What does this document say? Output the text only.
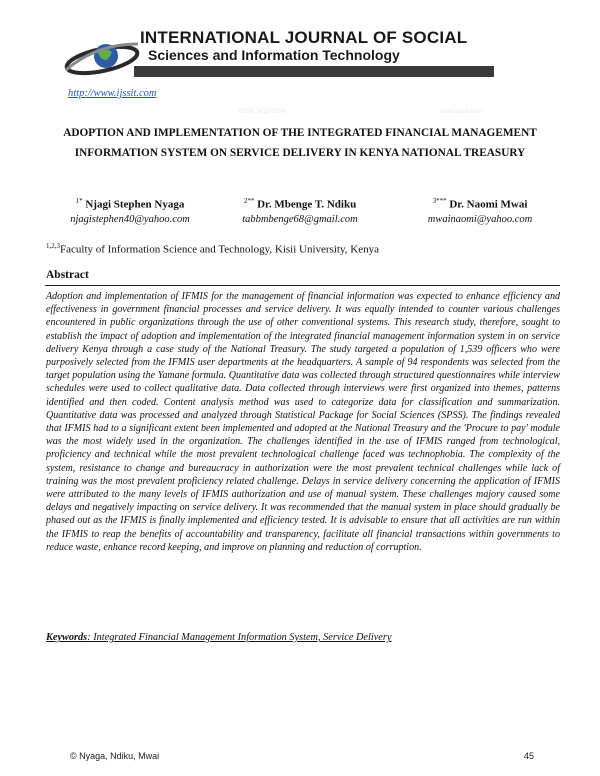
INTERNATIONAL JOURNAL OF SOCIAL
Sciences and Information Technology
ISSN 2412-0294	www.ijssit.com
http://www.ijssit.com
ADOPTION AND IMPLEMENTATION OF THE INTEGRATED FINANCIAL MANAGEMENT INFORMATION SYSTEM ON SERVICE DELIVERY IN KENYA NATIONAL TREASURY
$^{1*}$ Njagi Stephen Nyaga
njagistephen40@yahoo.com
$^{2**}$ Dr. Mbenge T. Ndiku
tabbmbenge68@gmail.com
$^{3***}$ Dr. Naomi Mwai
mwainaomi@yahoo.com
$^{1,2,3}$Faculty of Information Science and Technology, Kisii University, Kenya
Abstract
Adoption and implementation of IFMIS for the management of financial information was expected to enhance efficiency and effectiveness in government financial processes and service delivery. It was equally intended to counter various challenges encountered in public organizations through the use of other conventional systems. This research study, therefore, sought to establish the impact of adoption and implementation of the integrated financial management information system in on service delivery Kenya through a case study of the National Treasury. The study targeted a population of 1,539 officers who were purposively selected from the IFMIS user departments at the headquarters. A sample of 94 respondents was selected from the target population using the Yamane formula. Quantitative data was collected through structured questionnaires while interview schedules were used to collect qualitative data. Data collected through interviews were first organized into themes, patterns identified and then coded. Content analysis method was used to categorize data for classification and summarization. Quantitative data was processed and analyzed through Statistical Package for Social Sciences (SPSS). The findings revealed that IFMIS had to a significant extent been implemented and adopted at the National Treasury and the 'Procure to pay' module was the most widely used in the organization. The challenges identified in the use of IFMIS ranged from technological, proficiency and technical while the most prevalent technological challenge faced was technophobia. The complexity of the system, resistance to change and bureaucracy in authorization were the most prevalent technical challenges while lack of training was the most prevalent proficiency related challenge. Delays in service delivery concerning the application of IFMIS were attributed to the many levels of IFMIS authorization and use of manual system. These challenges majory caused some delays and negatively impacting on service delivery. It was recommended that the manual system in place should gradually be phased out as the IFMIS is finally implemented and efficiency tested. It is advisable to ensure that all activities are run within the IFMIS to reap the benefits of accountability and transparency, facilitate all financial transactions within governments to reduce waste, enhance record keeping, and improve on planning and reduction of corruption.
Keywords: Integrated Financial Management Information System, Service Delivery
© Nyaga, Ndiku, Mwai	45
